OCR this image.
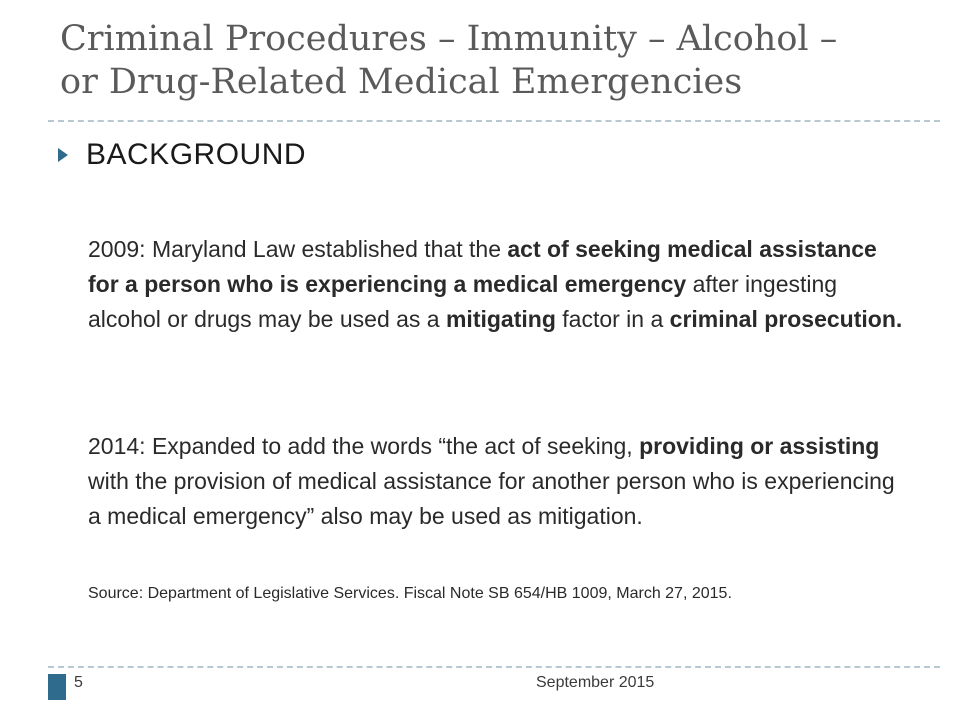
Criminal Procedures – Immunity – Alcohol –
or Drug-Related Medical Emergencies
BACKGROUND

2009: Maryland Law established that the act of seeking medical assistance for a person who is experiencing a medical emergency after ingesting alcohol or drugs may be used as a mitigating factor in a criminal prosecution.

2014: Expanded to add the words “the act of seeking, providing or assisting with the provision of medical assistance for another person who is experiencing a medical emergency” also may be used as mitigation.

Source: Department of Legislative Services. Fiscal Note SB 654/HB 1009, March 27, 2015.

5	September 2015
